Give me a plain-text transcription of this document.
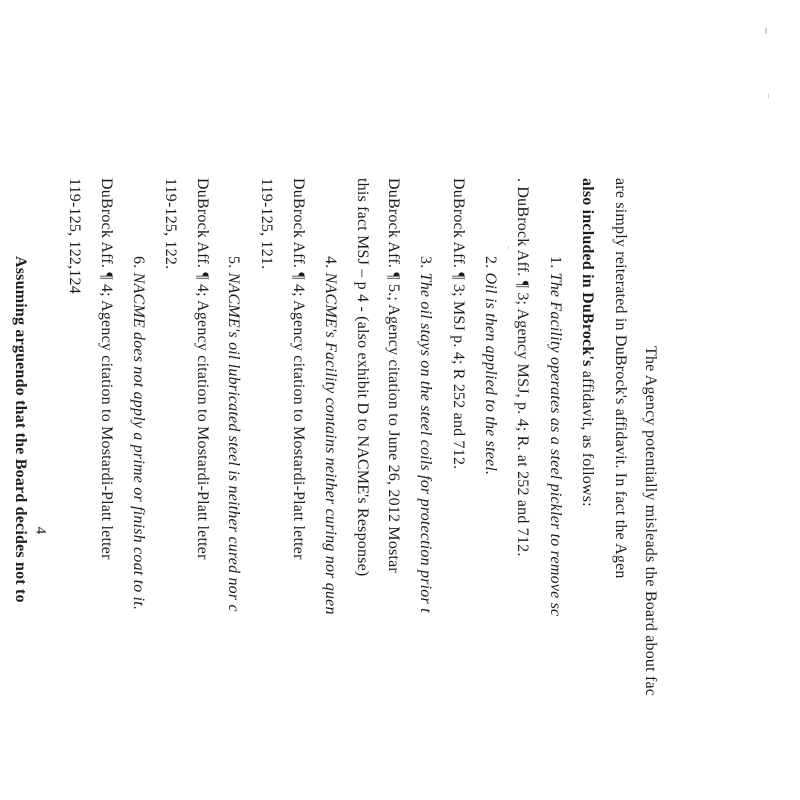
The Agency potentially misleads the Board about fac
are simply reiterated in DuBrock's affidavit. In fact the Agen
also included in DuBrock's affidavit, as follows:
1. The Facility operates as a steel pickler to remove sc
. DuBrock Aff. ¶ 3; Agency MSJ, p. 4; R. at 252 and 712.
2. Oil is then applied to the steel.
DuBrock Aff. ¶ 3; MSJ p. 4; R 252 and 712.
3. The oil stays on the steel coils for protection prior t
DuBrock Aff. ¶ 5.; Agency citation to June 26, 2012 Mostar
this fact MSJ – p 4 - (also exhibit D to NACME's Response)
4. NACME's Facility contains neither curing nor quen
DuBrock Aff. ¶ 4; Agency citation to Mostardi-Platt letter
119-125, 121.
5. NACME's oil lubricated steel is neither cured nor c
DuBrock Aff. ¶ 4; Agency citation to Mostardi-Platt letter
119-125, 122.
6. NACME does not apply a prime or finish coat to it.
DuBrock Aff. ¶ 4; Agency citation to Mostardi-Platt letter
119-125, 122,124
Assuming arguendo that the Board decides not to 4
